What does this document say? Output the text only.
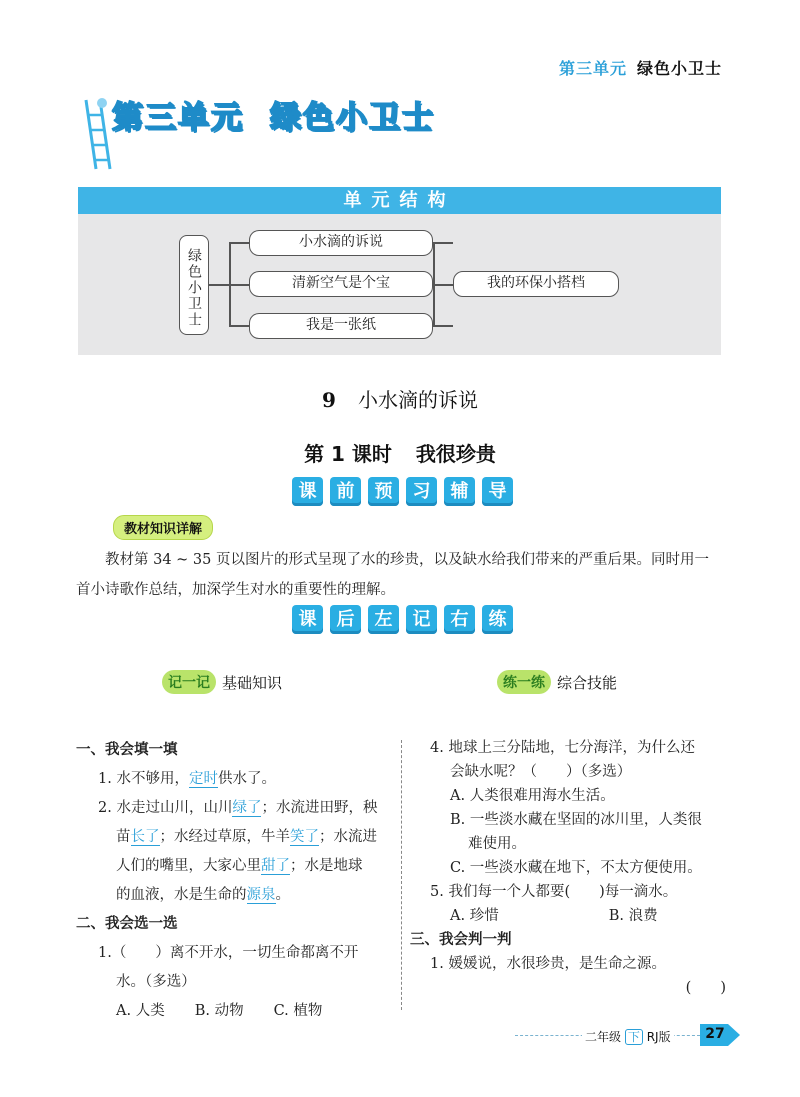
第三单元 绿色小卫士
第三单元 绿色小卫士
单元结构
绿色小卫士
小水滴的诉说
清新空气是个宝
我是一张纸
我的环保小搭档
9 小水滴的诉说
第 1 课时 我很珍贵
课	前	预	习	辅	导
教材知识详解
教材第 34 ~ 35 页以图片的形式呈现了水的珍贵，以及缺水给我们带来的严重后果。同时用一首小诗歌作总结，加深学生对水的重要性的理解。
课	后	左	记	右	练
记一记 基础知识	练一练 综合技能
一、我会填一填
1. 水不够用，定时供水了。
2. 水走过山川，山川绿了；水流进田野，秧
苗长了；水经过草原，牛羊笑了；水流进
人们的嘴里，大家心里甜了；水是地球
的血液，水是生命的源泉。
二、我会选一选
1.（　　）离不开水，一切生命都离不开
水。（多选）
A. 人类 B. 动物 C. 植物
4. 地球上三分陆地，七分海洋，为什么还
会缺水呢？（　　）（多选）
A. 人类很难用海水生活。
B. 一些淡水藏在坚固的冰川里，人类很
难使用。
C. 一些淡水藏在地下，不太方便使用。
5. 我们每一个人都要(　　)每一滴水。
A. 珍惜	B. 浪费
三、我会判一判
1. 媛媛说，水很珍贵，是生命之源。
(　　)
二年级 下 RJ版	27
